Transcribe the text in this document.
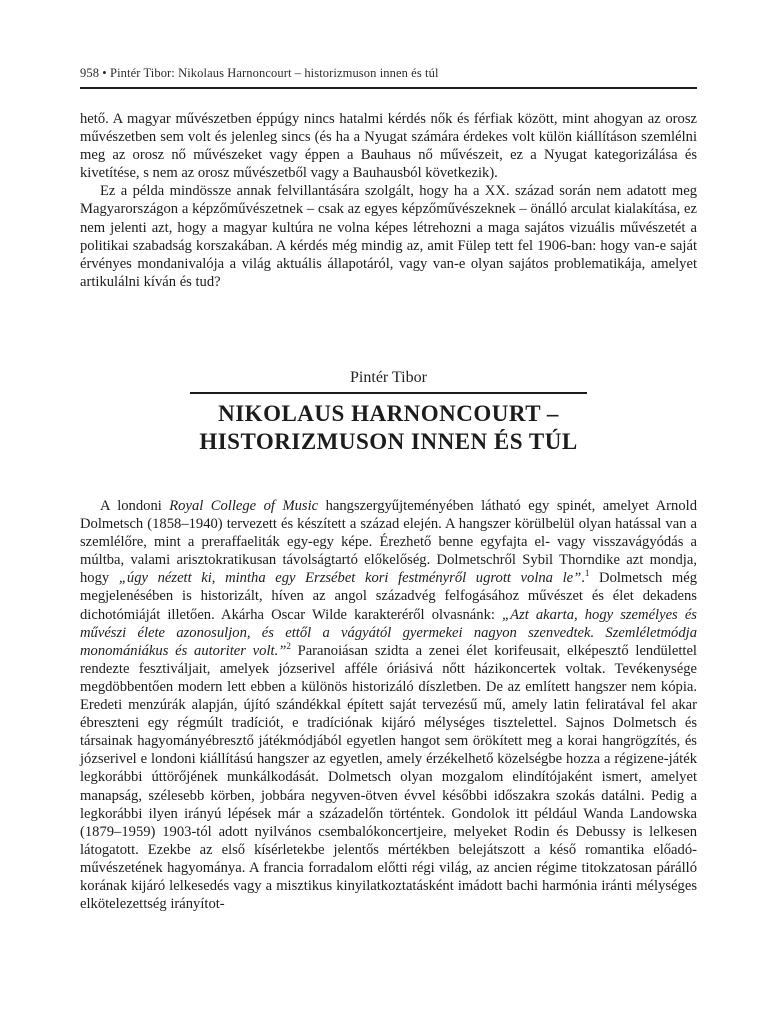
958 • Pintér Tibor: Nikolaus Harnoncourt – historizmuson innen és túl

hető. A magyar művészetben éppúgy nincs hatalmi kérdés nők és férfiak között, mint ahogyan az orosz művészetben sem volt és jelenleg sincs (és ha a Nyugat számára érdekes volt külön kiállításon szemlélni meg az orosz nő művészeket vagy éppen a Bauhaus nő művészeit, ez a Nyugat kategorizálása és kivetítése, s nem az orosz művészetből vagy a Bauhausból következik).

Ez a példa mindössze annak felvillantására szolgált, hogy ha a XX. század során nem adatott meg Magyarországon a képzőművészetnek – csak az egyes képzőművészeknek – önálló arculat kialakítása, ez nem jelenti azt, hogy a magyar kultúra ne volna képes létrehozni a maga sajátos vizuális művészetét a politikai szabadság korszakában. A kérdés még mindig az, amit Fülep tett fel 1906-ban: hogy van-e saját érvényes mondanivalója a világ aktuális állapotáról, vagy van-e olyan sajátos problematikája, amelyet artikulálni kíván és tud?

Pintér Tibor
NIKOLAUS HARNONCOURT –
HISTORIZMUSON INNEN ÉS TÚL

A londoni Royal College of Music hangszergyűjteményében látható egy spinét, amelyet Arnold Dolmetsch (1858–1940) tervezett és készített a század elején. A hangszer körülbelül olyan hatással van a szemlélőre, mint a preraffaeliták egy-egy képe. Érezhető benne egyfajta el- vagy visszavágyódás a múltba, valami arisztokratikusan távolságtartó előkelőség. Dolmetschről Sybil Thorndike azt mondja, hogy „úgy nézett ki, mintha egy Erzsébet kori festményről ugrott volna le”.$^1$ Dolmetsch még megjelenésében is historizált, híven az angol századvég felfogásához művészet és élet dekadens dichotómiáját illetően. Akárha Oscar Wilde karakteréről olvasnánk: „Azt akarta, hogy személyes és művészi élete azonosuljon, és ettől a vágyától gyermekei nagyon szenvedtek. Szemléletmódja monomániákus és autoriter volt.”$^2$ Paranoiásan szidta a zenei élet korifeusait, elképesztő lendülettel rendezte fesztiváljait, amelyek józserivel afféle óriásivá nőtt házikoncertek voltak. Tevékenysége megdöbbentően modern lett ebben a különös historizáló díszletben. De az említett hangszer nem kópia. Eredeti menzúrák alapján, újító szándékkal épített saját tervezésű mű, amely latin feliratával fel akar ébreszteni egy régmúlt tradíciót, e tradíciónak kijáró mélységes tisztelettel. Sajnos Dolmetsch és társainak hagyományébresztő játékmódjából egyetlen hangot sem örökített meg a korai hangrögzítés, és józserivel e londoni kiállítású hangszer az egyetlen, amely érzékelhető közelségbe hozza a régizene-játék legkorábbi úttörőjének munkálkodását. Dolmetsch olyan mozgalom elindítójaként ismert, amelyet manapság, szélesebb körben, jobbára negyven-ötven évvel későbbi időszakra szokás datálni. Pedig a legkorábbi ilyen irányú lépések már a századelőn történtek. Gondolok itt például Wanda Landowska (1879–1959) 1903-tól adott nyilvános csembalókoncertjeire, melyeket Rodin és Debussy is lelkesen látogatott. Ezekbe az első kísérletekbe jelentős mértékben belejátszott a késő romantika előadó-művészetének hagyománya. A francia forradalom előtti régi világ, az ancien régime titokzatosan párálló korának kijáró lelkesedés vagy a misztikus kinyilatkoztatásként imádott bachi harmónia iránti mélységes elkötelezettség irányítot-
